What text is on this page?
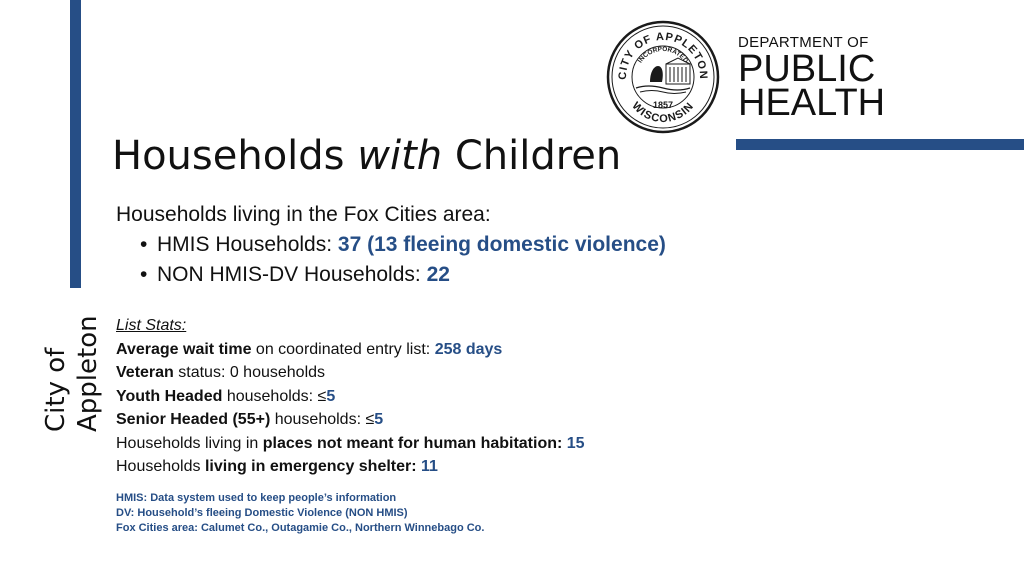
City of Appleton
CITY OF APPLETON
INCORPORATED
WISCONSIN
1857
DEPARTMENT OF
PUBLIC
HEALTH
Households with Children
Households living in the Fox Cities area:
• HMIS Households: 37 (13 fleeing domestic violence)
• NON HMIS-DV Households: 22
List Stats:
Average wait time on coordinated entry list: 258 days
Veteran status: 0 households
Youth Headed households: ≤5
Senior Headed (55+) households: ≤5
Households living in places not meant for human habitation: 15
Households living in emergency shelter: 11
HMIS: Data system used to keep people’s information
DV: Household’s fleeing Domestic Violence (NON HMIS)
Fox Cities area: Calumet Co., Outagamie Co., Northern Winnebago Co.
